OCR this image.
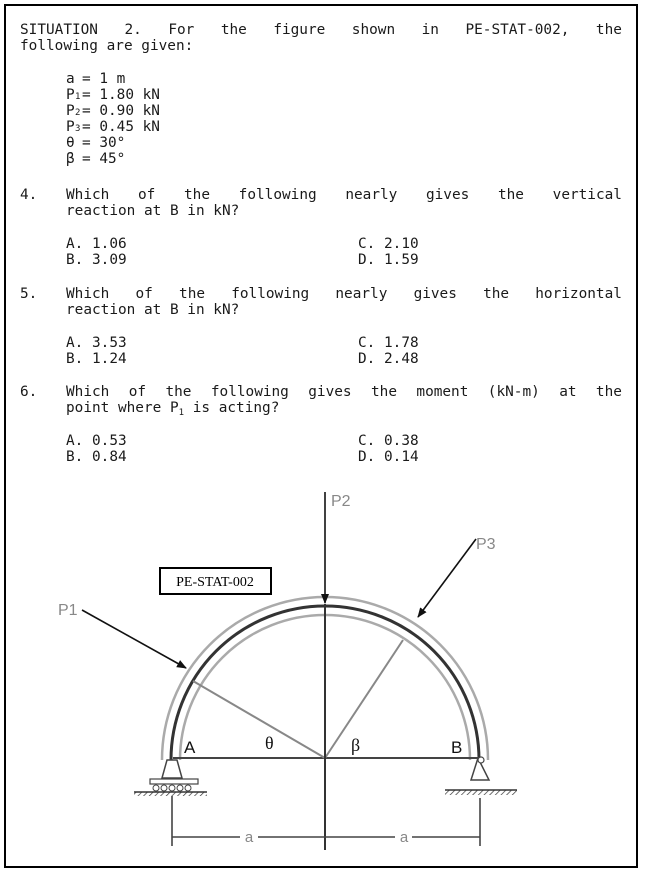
SITUATION 2. For the figure shown in PE-STAT-002, the
following are given:
a = 1 m
P 1 = 1.80 kN
P 2 = 0.90 kN
P 3 = 0.45 kN
θ = 30°
β = 45°
4. Which of the following nearly gives the vertical
reaction at B in kN?
A. 1.06
B. 3.09
C. 2.10
D. 1.59
5. Which of the following nearly gives the horizontal
reaction at B in kN?
A. 3.53
B. 1.24
C. 1.78
D. 2.48
6. Which of the following gives the moment (kN-m) at the
point where $P_1$ is acting?
A. 0.53
B. 0.84
C. 0.38
D. 0.14
PE-STAT-002
P1
P2
P3
A	B
θ	β
a	a
